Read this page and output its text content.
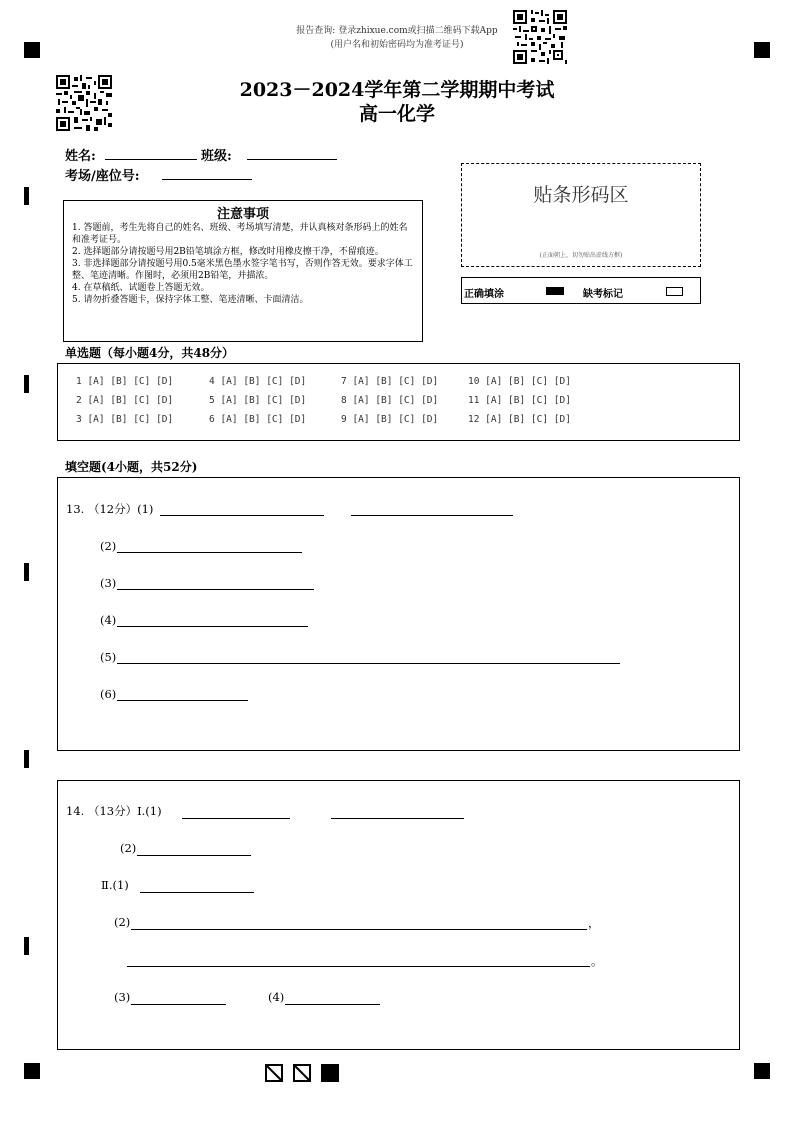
报告查询: 登录zhixue.com或扫描二维码下载App
(用户名和初始密码均为准考证号)
2023－2024学年第二学期期中考试
高一化学
姓名:	班级:
考场/座位号:
注意事项
1. 答题前，考生先将自己的姓名、班级、考场填写清楚，并认真核对条形码上的姓名和准考证号。
2. 选择题部分请按题号用2B铅笔填涂方框，修改时用橡皮擦干净，不留痕迹。
3. 非选择题部分请按题号用0.5毫米黑色墨水签字笔书写，否则作答无效。要求字体工整、笔迹清晰。作图时，必须用2B铅笔，并描浓。
4. 在草稿纸、试题卷上答题无效。
5. 请勿折叠答题卡，保持字体工整、笔迹清晰、卡面清洁。
贴条形码区
(正面朝上，切勿贴出虚线方框)
正确填涂	缺考标记
单选题（每小题4分，共48分）
1 [A] [B] [C] [D]	4 [A] [B] [C] [D]	7 [A] [B] [C] [D]	10 [A] [B] [C] [D]
2 [A] [B] [C] [D]	5 [A] [B] [C] [D]	8 [A] [B] [C] [D]	11 [A] [B] [C] [D]
3 [A] [B] [C] [D]	6 [A] [B] [C] [D]	9 [A] [B] [C] [D]	12 [A] [B] [C] [D]
填空题(4小题，共52分)
13. （12分）(1)
(2)
(3)
(4)
(5)
(6)
14. （13分）Ⅰ.(1)
(2)
Ⅱ.(1)
(2)	，
。
(3)	(4)
